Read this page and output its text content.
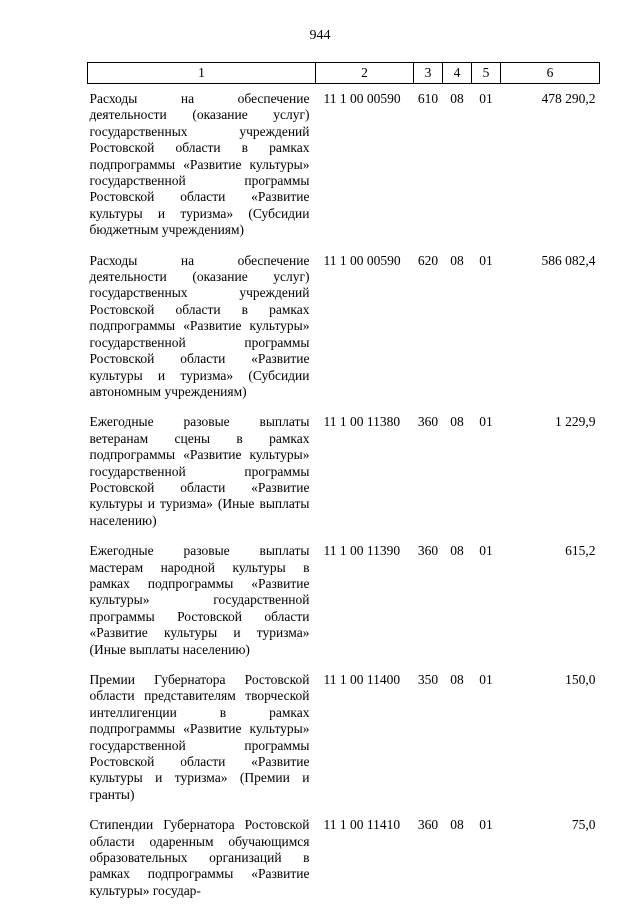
944
1	2	3	4	5	6
Расходы на обеспечение деятельности (оказание услуг) государственных учреждений Ростовской области в рамках подпрограммы «Развитие культуры» государственной программы Ростовской области «Развитие культуры и туризма» (Субсидии бюджетным учреждениям)	11 1 00 00590	610	08	01	478 290,2
Расходы на обеспечение деятельности (оказание услуг) государственных учреждений Ростовской области в рамках подпрограммы «Развитие культуры» государственной программы Ростовской области «Развитие культуры и туризма» (Субсидии автономным учреждениям)	11 1 00 00590	620	08	01	586 082,4
Ежегодные разовые выплаты ветеранам сцены в рамках подпрограммы «Развитие культуры» государственной программы Ростовской области «Развитие культуры и туризма» (Иные выплаты населению)	11 1 00 11380	360	08	01	1 229,9
Ежегодные разовые выплаты мастерам народной культуры в рамках подпрограммы «Развитие культуры» государственной программы Ростовской области «Развитие культуры и туризма» (Иные выплаты населению)	11 1 00 11390	360	08	01	615,2
Премии Губернатора Ростовской области представителям творческой интеллигенции в рамках подпрограммы «Развитие культуры» государственной программы Ростовской области «Развитие культуры и туризма» (Премии и гранты)	11 1 00 11400	350	08	01	150,0
Стипендии Губернатора Ростовской области одаренным обучающимся образовательных организаций в рамках подпрограммы «Развитие культуры» государ-	11 1 00 11410	360	08	01	75,0
